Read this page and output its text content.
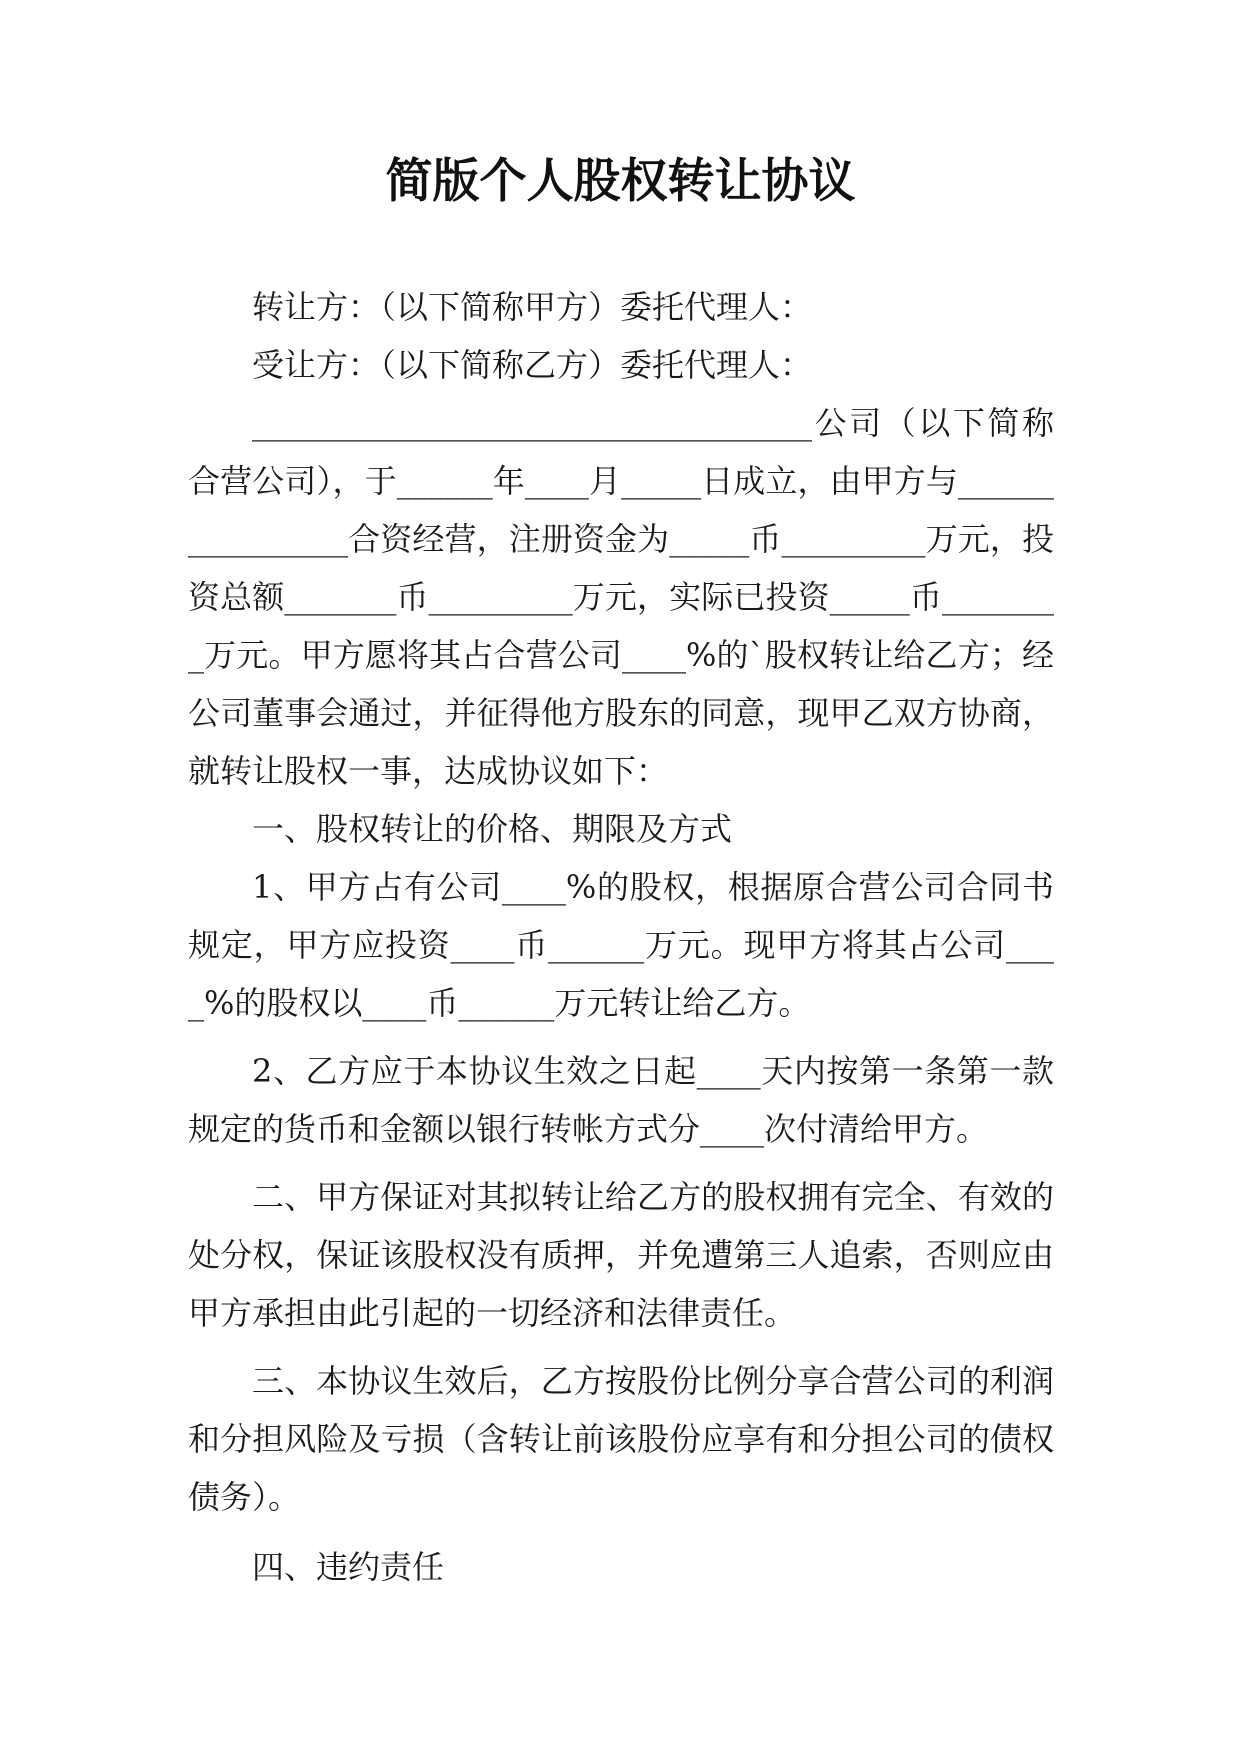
简版个人股权转让协议

转让方：（以下简称甲方）委托代理人：

受让方：（以下简称乙方）委托代理人：

___________________________________公司（以下简称合营公司），于______年____月_____日成立，由甲方与________________合资经营，注册资金为_____币_________万元，投资总额_______币_________万元，实际已投资_____币________万元。甲方愿将其占合营公司____%的`股权转让给乙方；经公司董事会通过，并征得他方股东的同意，现甲乙双方协商，就转让股权一事，达成协议如下：

一、股权转让的价格、期限及方式

1、甲方占有公司____%的股权，根据原合营公司合同书规定，甲方应投资____币______万元。现甲方将其占公司____%的股权以____币______万元转让给乙方。

2、乙方应于本协议生效之日起____天内按第一条第一款规定的货币和金额以银行转帐方式分____次付清给甲方。

二、甲方保证对其拟转让给乙方的股权拥有完全、有效的处分权，保证该股权没有质押，并免遭第三人追索，否则应由甲方承担由此引起的一切经济和法律责任。

三、本协议生效后，乙方按股份比例分享合营公司的利润和分担风险及亏损（含转让前该股份应享有和分担公司的债权债务）。

四、违约责任
